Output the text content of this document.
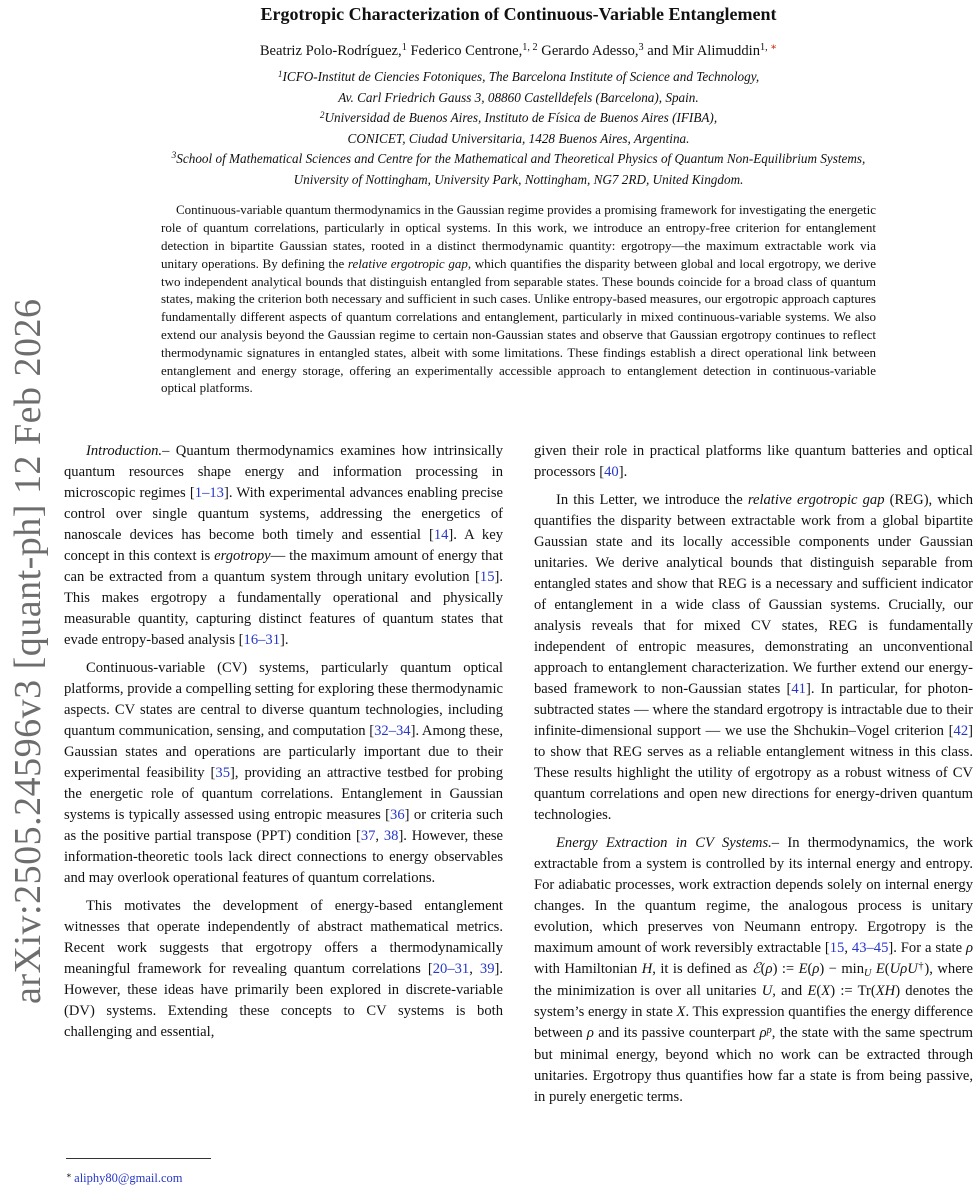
arXiv:2505.24596v3 [quant-ph] 12 Feb 2026
Ergotropic Characterization of Continuous-Variable Entanglement
Beatriz Polo-Rodríguez,$^1$ Federico Centrone,$^{1, 2}$ Gerardo Adesso,$^3$ and Mir Alimuddin$^{1,}$ ∗
$^1$ICFO-Institut de Ciencies Fotoniques, The Barcelona Institute of Science and Technology,
Av. Carl Friedrich Gauss 3, 08860 Castelldefels (Barcelona), Spain.
$^2$Universidad de Buenos Aires, Instituto de Física de Buenos Aires (IFIBA),
CONICET, Ciudad Universitaria, 1428 Buenos Aires, Argentina.
$^3$School of Mathematical Sciences and Centre for the Mathematical and Theoretical Physics of Quantum Non-Equilibrium Systems,
University of Nottingham, University Park, Nottingham, NG7 2RD, United Kingdom.
Continuous-variable quantum thermodynamics in the Gaussian regime provides a promising framework for investigating the energetic role of quantum correlations, particularly in optical systems. In this work, we introduce an entropy-free criterion for entanglement detection in bipartite Gaussian states, rooted in a distinct thermodynamic quantity: ergotropy—the maximum extractable work via unitary operations. By defining the relative ergotropic gap, which quantifies the disparity between global and local ergotropy, we derive two independent analytical bounds that distinguish entangled from separable states. These bounds coincide for a broad class of quantum states, making the criterion both necessary and sufficient in such cases. Unlike entropy-based measures, our ergotropic approach captures fundamentally different aspects of quantum correlations and entanglement, particularly in mixed continuous-variable systems. We also extend our analysis beyond the Gaussian regime to certain non-Gaussian states and observe that Gaussian ergotropy continues to reflect thermodynamic signatures in entangled states, albeit with some limitations. These findings establish a direct operational link between entanglement and energy storage, offering an experimentally accessible approach to entanglement detection in continuous-variable optical platforms.

Introduction.– Quantum thermodynamics examines how intrinsically quantum resources shape energy and information processing in microscopic regimes [1–13]. With experimental advances enabling precise control over single quantum systems, addressing the energetics of nanoscale devices has become both timely and essential [14]. A key concept in this context is ergotropy— the maximum amount of energy that can be extracted from a quantum system through unitary evolution [15]. This makes ergotropy a fundamentally operational and physically measurable quantity, capturing distinct features of quantum states that evade entropy-based analysis [16–31].

Continuous-variable (CV) systems, particularly quantum optical platforms, provide a compelling setting for exploring these thermodynamic aspects. CV states are central to diverse quantum technologies, including quantum communication, sensing, and computation [32–34]. Among these, Gaussian states and operations are particularly important due to their experimental feasibility [35], providing an attractive testbed for probing the energetic role of quantum correlations. Entanglement in Gaussian systems is typically assessed using entropic measures [36] or criteria such as the positive partial transpose (PPT) condition [37, 38]. However, these information-theoretic tools lack direct connections to energy observables and may overlook operational features of quantum correlations.

This motivates the development of energy-based entanglement witnesses that operate independently of abstract mathematical metrics. Recent work suggests that ergotropy offers a thermodynamically meaningful framework for revealing quantum correlations [20–31, 39]. However, these ideas have primarily been explored in discrete-variable (DV) systems. Extending these concepts to CV systems is both challenging and essential,

given their role in practical platforms like quantum batteries and optical processors [40].

In this Letter, we introduce the relative ergotropic gap (REG), which quantifies the disparity between extractable work from a global bipartite Gaussian state and its locally accessible components under Gaussian unitaries. We derive analytical bounds that distinguish separable from entangled states and show that REG is a necessary and sufficient indicator of entanglement in a wide class of Gaussian systems. Crucially, our analysis reveals that for mixed CV states, REG is fundamentally independent of entropic measures, demonstrating an unconventional approach to entanglement characterization. We further extend our energy-based framework to non-Gaussian states [41]. In particular, for photon-subtracted states — where the standard ergotropy is intractable due to their infinite-dimensional support — we use the Shchukin–Vogel criterion [42] to show that REG serves as a reliable entanglement witness in this class. These results highlight the utility of ergotropy as a robust witness of CV quantum correlations and open new directions for energy-driven quantum technologies.

Energy Extraction in CV Systems.– In thermodynamics, the work extractable from a system is controlled by its internal energy and entropy. For adiabatic processes, work extraction depends solely on internal energy changes. In the quantum regime, the analogous process is unitary evolution, which preserves von Neumann entropy. Ergotropy is the maximum amount of work reversibly extractable [15, 43–45]. For a state ρ with Hamiltonian H, it is defined as ℰ(ρ) := E(ρ) − minU E(UρU†), where the minimization is over all unitaries U, and E(X) := Tr(XH) denotes the system’s energy in state X. This expression quantifies the energy difference between ρ and its passive counterpart $\rho^p$, the state with the same spectrum but minimal energy, beyond which no work can be extracted through unitaries. Ergotropy thus quantifies how far a state is from being passive, in purely energetic terms.

∗ aliphy80@gmail.com
